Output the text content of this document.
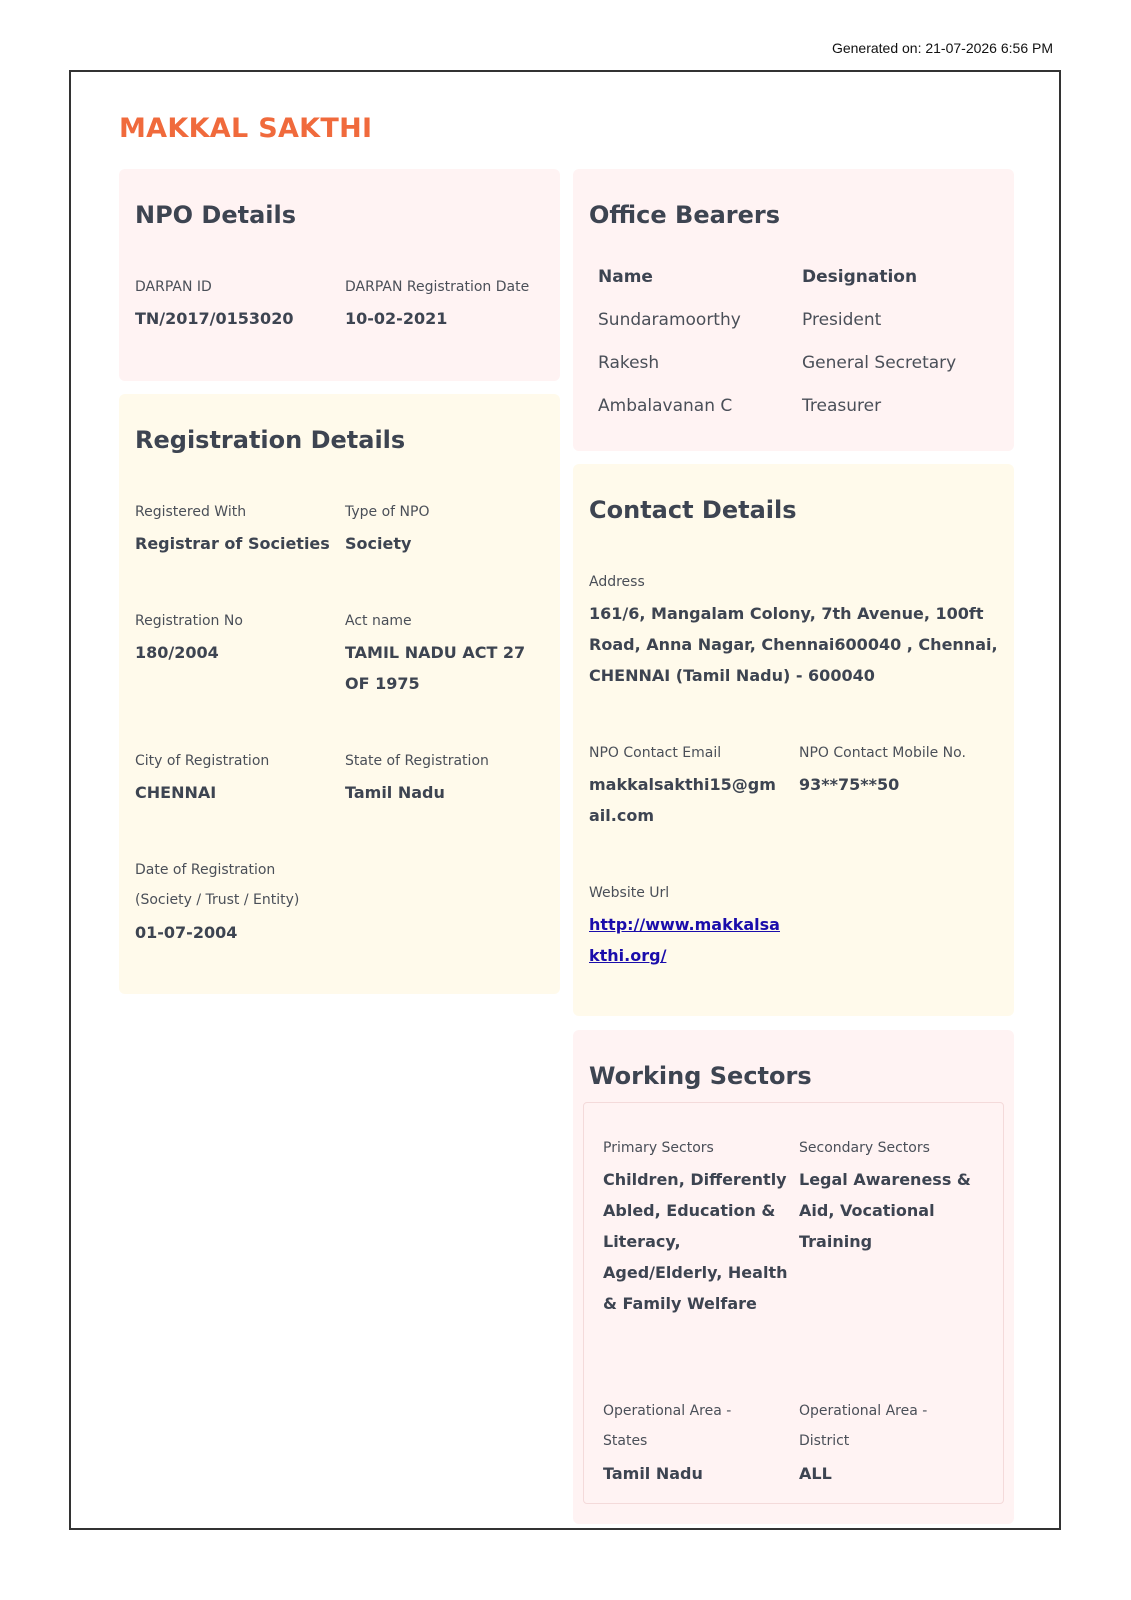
Generated on: 21-07-2026 6:56 PM
MAKKAL SAKTHI
NPO Details
DARPAN ID
TN/2017/0153020
DARPAN Registration Date
10-02-2021
Registration Details
Registered With
Registrar of Societies
Type of NPO
Society
Registration No
180/2004
Act name
TAMIL NADU ACT 27 OF 1975
City of Registration
CHENNAI
State of Registration
Tamil Nadu
Date of Registration (Society / Trust / Entity)
01-07-2004
Office Bearers
Name	Designation
Sundaramoorthy	President
Rakesh	General Secretary
Ambalavanan C	Treasurer
Contact Details
Address
161/6, Mangalam Colony, 7th Avenue, 100ft Road, Anna Nagar, Chennai600040 , Chennai, CHENNAI (Tamil Nadu) - 600040
NPO Contact Email
makkalsakthi15@gmail.com
NPO Contact Mobile No.
93**75**50
Website Url
http://www.makkalsakthi.org/
Working Sectors
Primary Sectors
Children, Differently Abled, Education & Literacy, Aged/Elderly, Health & Family Welfare
Secondary Sectors
Legal Awareness & Aid, Vocational Training
Operational Area - States
Tamil Nadu
Operational Area - District
ALL
